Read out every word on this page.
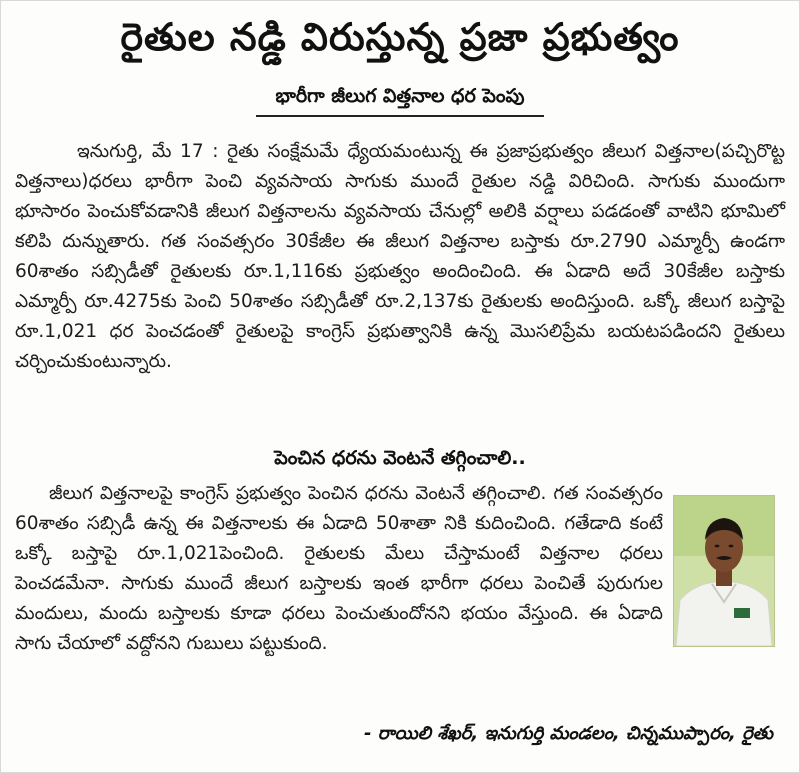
రైతుల నడ్డి విరుస్తున్న ప్రజా ప్రభుత్వం
భారీగా జీలుగ విత్తనాల ధర పెంపు

ఇనుగుర్తి, మే 17 : రైతు సంక్షేమమే ధ్యేయమంటున్న ఈ ప్రజాప్రభుత్వం జీలుగ విత్తనాల(పచ్చిరొట్ట విత్తనాలు)ధరలు భారీగా పెంచి వ్యవసాయ సాగుకు ముందే రైతుల నడ్డి విరిచింది. సాగుకు ముందుగా భూసారం పెంచుకోవడానికి జీలుగ విత్తనాలను వ్యవసాయ చేనుల్లో అలికి వర్షాలు పడడంతో వాటిని భూమిలో కలిపి దున్నుతారు. గత సంవత్సరం 30కేజీల ఈ జీలుగ విత్తనాల బస్తాకు రూ.2790 ఎమ్మార్పీ ఉండగా 60శాతం సబ్సిడీతో రైతులకు రూ.1,116కు ప్రభుత్వం అందించింది. ఈ ఏడాది అదే 30కేజీల బస్తాకు ఎమ్మార్పీ రూ.4275కు పెంచి 50శాతం సబ్సిడీతో రూ.2,137కు రైతులకు అందిస్తుంది. ఒక్కో జీలుగ బస్తాపై రూ.1,021 ధర పెంచడంతో రైతులపై కాంగ్రెస్ ప్రభుత్వానికి ఉన్న మొసలిప్రేమ బయటపడిందని రైతులు చర్చించుకుంటున్నారు.

పెంచిన ధరను వెంటనే తగ్గించాలి..

జీలుగ విత్తనాలపై కాంగ్రెస్ ప్రభుత్వం పెంచిన ధరను వెంటనే తగ్గించాలి. గత సంవత్సరం 60శాతం సబ్సిడీ ఉన్న ఈ విత్తనాలకు ఈ ఏడాది 50శాతా నికి కుదించింది. గతేడాది కంటే ఒక్కో బస్తాపై రూ.1,021పెంచింది. రైతులకు మేలు చేస్తామంటే విత్తనాల ధరలు పెంచడమేనా. సాగుకు ముందే జీలుగ బస్తాలకు ఇంత భారీగా ధరలు పెంచితే పురుగుల మందులు, మందు బస్తాలకు కూడా ధరలు పెంచుతుందోనని భయం వేస్తుంది. ఈ ఏడాది సాగు చేయాలో వద్దోనని గుబులు పట్టుకుంది.

- రాయిలి శేఖర్, ఇనుగుర్తి మండలం, చిన్నముప్పారం, రైతు
